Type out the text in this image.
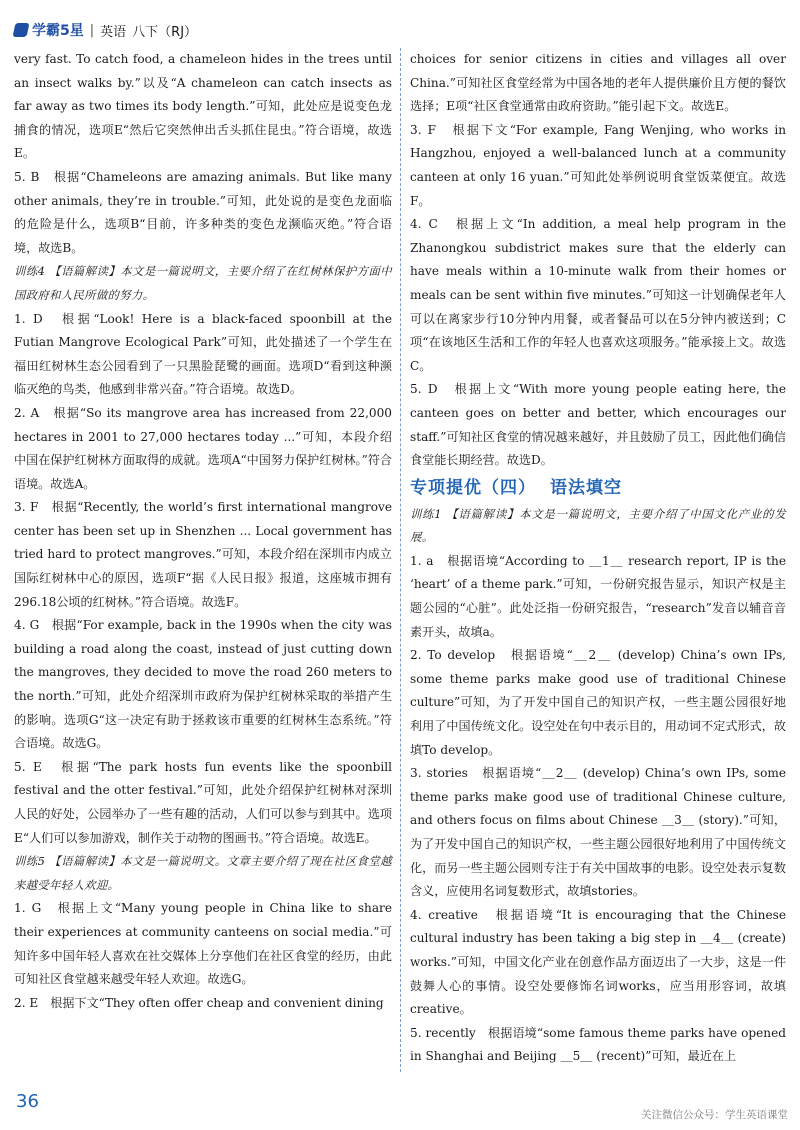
学霸5星 | 英语 八下（RJ）

very fast. To catch food, a chameleon hides in the trees until an insect walks by.”以及“A chameleon can catch insects as far away as two times its body length.”可知，此处应是说变色龙捕食的情况，选项E“然后它突然伸出舌头抓住昆虫。”符合语境，故选E。

5. B　根据“Chameleons are amazing animals. But like many other animals, they’re in trouble.”可知，此处说的是变色龙面临的危险是什么，选项B“目前，许多种类的变色龙濒临灭绝。”符合语境，故选B。

训练4 【语篇解读】本文是一篇说明文，主要介绍了在红树林保护方面中国政府和人民所做的努力。

1. D　根据“Look! Here is a black-faced spoonbill at the Futian Mangrove Ecological Park”可知，此处描述了一个学生在福田红树林生态公园看到了一只黑脸琵鹭的画面。选项D“看到这种濒临灭绝的鸟类，他感到非常兴奋。”符合语境。故选D。

2. A　根据“So its mangrove area has increased from 22,000 hectares in 2001 to 27,000 hectares today ...”可知，本段介绍中国在保护红树林方面取得的成就。选项A“中国努力保护红树林。”符合语境。故选A。

3. F　根据“Recently, the world’s first international mangrove center has been set up in Shenzhen ... Local government has tried hard to protect mangroves.”可知，本段介绍在深圳市内成立国际红树林中心的原因，选项F“据《人民日报》报道，这座城市拥有296.18公顷的红树林。”符合语境。故选F。

4. G　根据“For example, back in the 1990s when the city was building a road along the coast, instead of just cutting down the mangroves, they decided to move the road 260 meters to the north.”可知，此处介绍深圳市政府为保护红树林采取的举措产生的影响。选项G“这一决定有助于拯救该市重要的红树林生态系统。”符合语境。故选G。

5. E　根据“The park hosts fun events like the spoonbill festival and the otter festival.”可知，此处介绍保护红树林对深圳人民的好处，公园举办了一些有趣的活动，人们可以参与到其中。选项E“人们可以参加游戏，制作关于动物的图画书。”符合语境。故选E。

训练5 【语篇解读】本文是一篇说明文。文章主要介绍了现在社区食堂越来越受年轻人欢迎。

1. G　根据上文“Many young people in China like to share their experiences at community canteens on social media.”可知许多中国年轻人喜欢在社交媒体上分享他们在社区食堂的经历，由此可知社区食堂越来越受年轻人欢迎。故选G。

2. E　根据下文“They often offer cheap and convenient dining

choices for senior citizens in cities and villages all over China.”可知社区食堂经常为中国各地的老年人提供廉价且方便的餐饮选择；E项“社区食堂通常由政府资助。”能引起下文。故选E。

3. F　根据下文“For example, Fang Wenjing, who works in Hangzhou, enjoyed a well-balanced lunch at a community canteen at only 16 yuan.”可知此处举例说明食堂饭菜便宜。故选F。

4. C　根据上文“In addition, a meal help program in the Zhanongkou subdistrict makes sure that the elderly can have meals within a 10-minute walk from their homes or meals can be sent within five minutes.”可知这一计划确保老年人可以在离家步行10分钟内用餐，或者餐品可以在5分钟内被送到；C项“在该地区生活和工作的年轻人也喜欢这项服务。”能承接上文。故选C。

5. D　根据上文“With more young people eating here, the canteen goes on better and better, which encourages our staff.”可知社区食堂的情况越来越好，并且鼓励了员工，因此他们确信食堂能长期经营。故选D。

专项提优（四） 语法填空

训练1 【语篇解读】本文是一篇说明文，主要介绍了中国文化产业的发展。

1. a　根据语境“According to ＿1＿ research report, IP is the ‘heart’ of a theme park.”可知，一份研究报告显示，知识产权是主题公园的“心脏”。此处泛指一份研究报告，“research”发音以辅音音素开头，故填a。

2. To develop　根据语境“＿2＿ (develop) China’s own IPs, some theme parks make good use of traditional Chinese culture”可知，为了开发中国自己的知识产权，一些主题公园很好地利用了中国传统文化。设空处在句中表示目的，用动词不定式形式，故填To develop。

3. stories　根据语境“＿2＿ (develop) China’s own IPs, some theme parks make good use of traditional Chinese culture, and others focus on films about Chinese ＿3＿ (story).”可知，为了开发中国自己的知识产权，一些主题公园很好地利用了中国传统文化，而另一些主题公园则专注于有关中国故事的电影。设空处表示复数含义，应使用名词复数形式，故填stories。

4. creative　根据语境“It is encouraging that the Chinese cultural industry has been taking a big step in ＿4＿ (create) works.”可知，中国文化产业在创意作品方面迈出了一大步，这是一件鼓舞人心的事情。设空处要修饰名词works，应当用形容词，故填creative。

5. recently　根据语境“some famous theme parks have opened in Shanghai and Beijing ＿5＿ (recent)”可知，最近在上

36
关注微信公众号：学生英语课堂
